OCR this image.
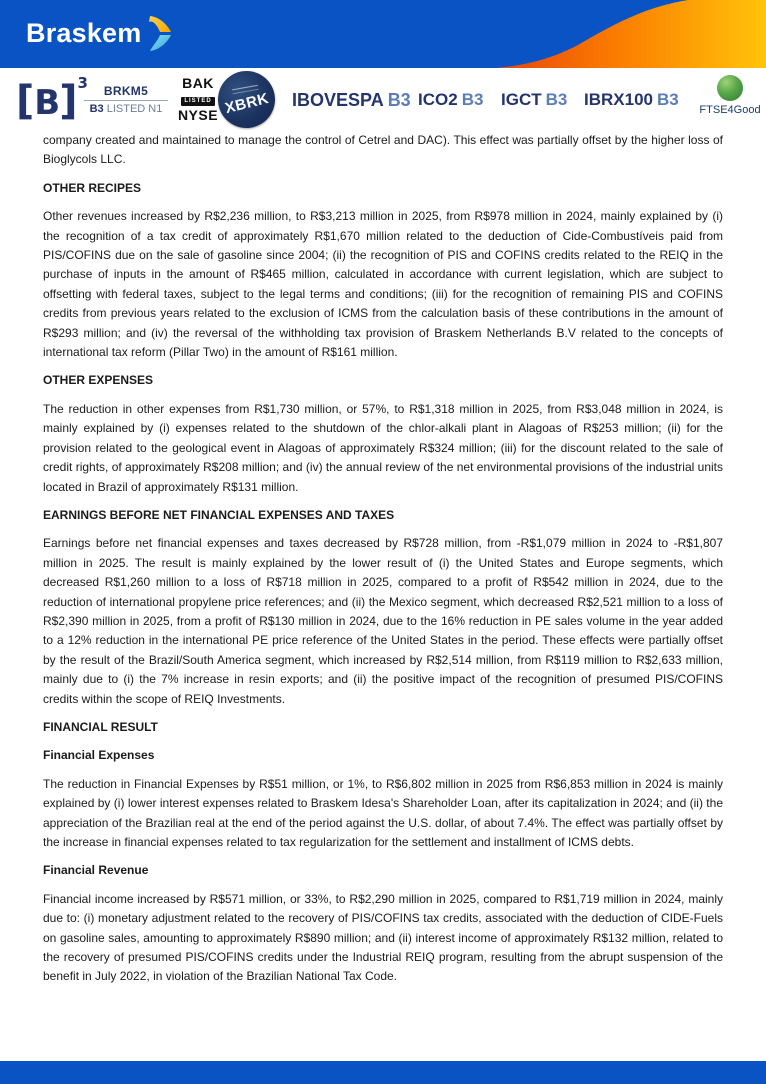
Braskem
[B]3	BRKM5
B3 LISTED N1
BAK
LISTED
NYSE XBRK IBOVESPA B3 ICO2 B3 IGCT B3 IBRX100 B3
FTSE4Good

company created and maintained to manage the control of Cetrel and DAC). This effect was partially offset by the higher loss of Bioglycols LLC.

OTHER RECIPES

Other revenues increased by R$2,236 million, to R$3,213 million in 2025, from R$978 million in 2024, mainly explained by (i) the recognition of a tax credit of approximately R$1,670 million related to the deduction of Cide-Combustíveis paid from PIS/COFINS due on the sale of gasoline since 2004; (ii) the recognition of PIS and COFINS credits related to the REIQ in the purchase of inputs in the amount of R$465 million, calculated in accordance with current legislation, which are subject to offsetting with federal taxes, subject to the legal terms and conditions; (iii) for the recognition of remaining PIS and COFINS credits from previous years related to the exclusion of ICMS from the calculation basis of these contributions in the amount of R$293 million; and (iv) the reversal of the withholding tax provision of Braskem Netherlands B.V related to the concepts of international tax reform (Pillar Two) in the amount of R$161 million.

OTHER EXPENSES

The reduction in other expenses from R$1,730 million, or 57%, to R$1,318 million in 2025, from R$3,048 million in 2024, is mainly explained by (i) expenses related to the shutdown of the chlor-alkali plant in Alagoas of R$253 million; (ii) for the provision related to the geological event in Alagoas of approximately R$324 million; (iii) for the discount related to the sale of credit rights, of approximately R$208 million; and (iv) the annual review of the net environmental provisions of the industrial units located in Brazil of approximately R$131 million.

EARNINGS BEFORE NET FINANCIAL EXPENSES AND TAXES

Earnings before net financial expenses and taxes decreased by R$728 million, from -R$1,079 million in 2024 to -R$1,807 million in 2025. The result is mainly explained by the lower result of (i) the United States and Europe segments, which decreased R$1,260 million to a loss of R$718 million in 2025, compared to a profit of R$542 million in 2024, due to the reduction of international propylene price references; and (ii) the Mexico segment, which decreased R$2,521 million to a loss of R$2,390 million in 2025, from a profit of R$130 million in 2024, due to the 16% reduction in PE sales volume in the year added to a 12% reduction in the international PE price reference of the United States in the period. These effects were partially offset by the result of the Brazil/South America segment, which increased by R$2,514 million, from R$119 million to R$2,633 million, mainly due to (i) the 7% increase in resin exports; and (ii) the positive impact of the recognition of presumed PIS/COFINS credits within the scope of REIQ Investments.

FINANCIAL RESULT
Financial Expenses

The reduction in Financial Expenses by R$51 million, or 1%, to R$6,802 million in 2025 from R$6,853 million in 2024 is mainly explained by (i) lower interest expenses related to Braskem Idesa's Shareholder Loan, after its capitalization in 2024; and (ii) the appreciation of the Brazilian real at the end of the period against the U.S. dollar, of about 7.4%. The effect was partially offset by the increase in financial expenses related to tax regularization for the settlement and installment of ICMS debts.

Financial Revenue

Financial income increased by R$571 million, or 33%, to R$2,290 million in 2025, compared to R$1,719 million in 2024, mainly due to: (i) monetary adjustment related to the recovery of PIS/COFINS tax credits, associated with the deduction of CIDE-Fuels on gasoline sales, amounting to approximately R$890 million; and (ii) interest income of approximately R$132 million, related to the recovery of presumed PIS/COFINS credits under the Industrial REIQ program, resulting from the abrupt suspension of the benefit in July 2022, in violation of the Brazilian National Tax Code.
